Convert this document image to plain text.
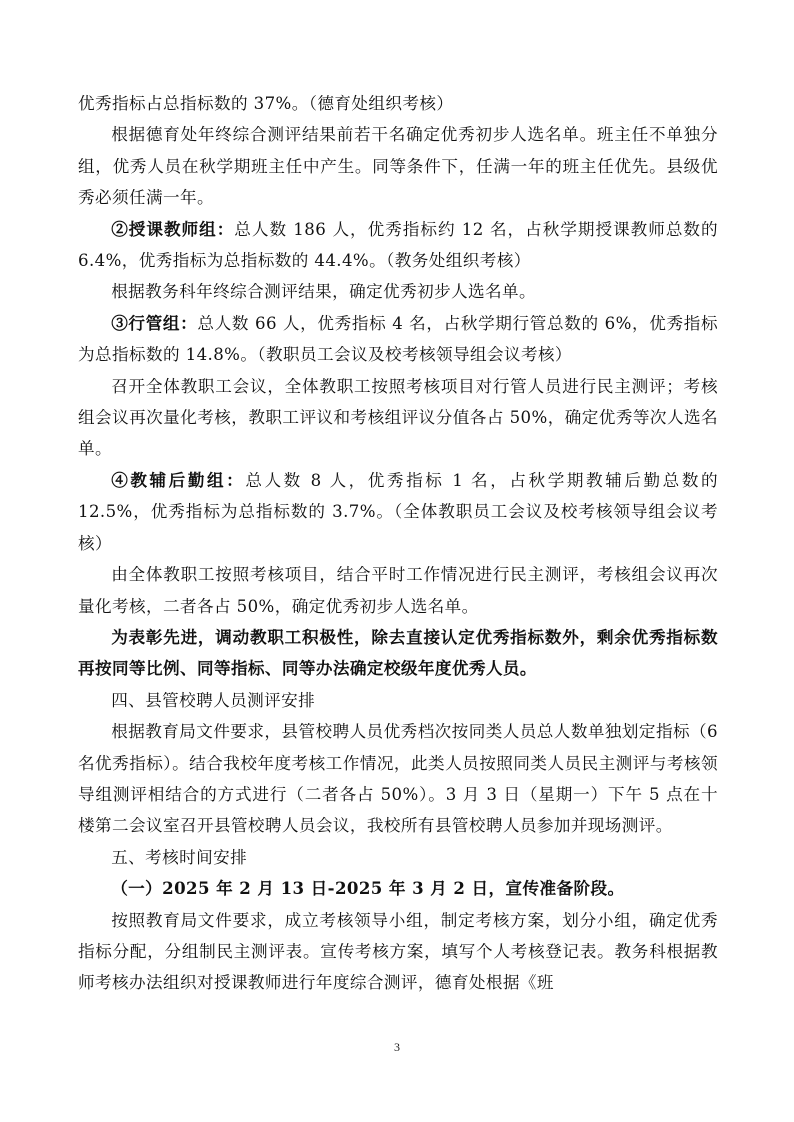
优秀指标占总指标数的 37%。（德育处组织考核）

根据德育处年终综合测评结果前若干名确定优秀初步人选名单。班主任不单独分组，优秀人员在秋学期班主任中产生。同等条件下，任满一年的班主任优先。县级优秀必须任满一年。

②授课教师组：总人数 186 人，优秀指标约 12 名，占秋学期授课教师总数的 6.4%，优秀指标为总指标数的 44.4%。（教务处组织考核）

根据教务科年终综合测评结果，确定优秀初步人选名单。

③行管组：总人数 66 人，优秀指标 4 名，占秋学期行管总数的 6%，优秀指标为总指标数的 14.8%。（教职员工会议及校考核领导组会议考核）

召开全体教职工会议，全体教职工按照考核项目对行管人员进行民主测评；考核组会议再次量化考核，教职工评议和考核组评议分值各占 50%，确定优秀等次人选名单。

④教辅后勤组：总人数 8 人，优秀指标 1 名，占秋学期教辅后勤总数的 12.5%，优秀指标为总指标数的 3.7%。（全体教职员工会议及校考核领导组会议考核）

由全体教职工按照考核项目，结合平时工作情况进行民主测评，考核组会议再次量化考核，二者各占 50%，确定优秀初步人选名单。

为表彰先进，调动教职工积极性，除去直接认定优秀指标数外，剩余优秀指标数再按同等比例、同等指标、同等办法确定校级年度优秀人员。

四、县管校聘人员测评安排

根据教育局文件要求，县管校聘人员优秀档次按同类人员总人数单独划定指标（6 名优秀指标）。结合我校年度考核工作情况，此类人员按照同类人员民主测评与考核领导组测评相结合的方式进行（二者各占 50%）。3 月 3 日（星期一）下午 5 点在十楼第二会议室召开县管校聘人员会议，我校所有县管校聘人员参加并现场测评。

五、考核时间安排

（一）2025 年 2 月 13 日-2025 年 3 月 2 日，宣传准备阶段。

按照教育局文件要求，成立考核领导小组，制定考核方案，划分小组，确定优秀指标分配，分组制民主测评表。宣传考核方案，填写个人考核登记表。教务科根据教师考核办法组织对授课教师进行年度综合测评，德育处根据《班

3
